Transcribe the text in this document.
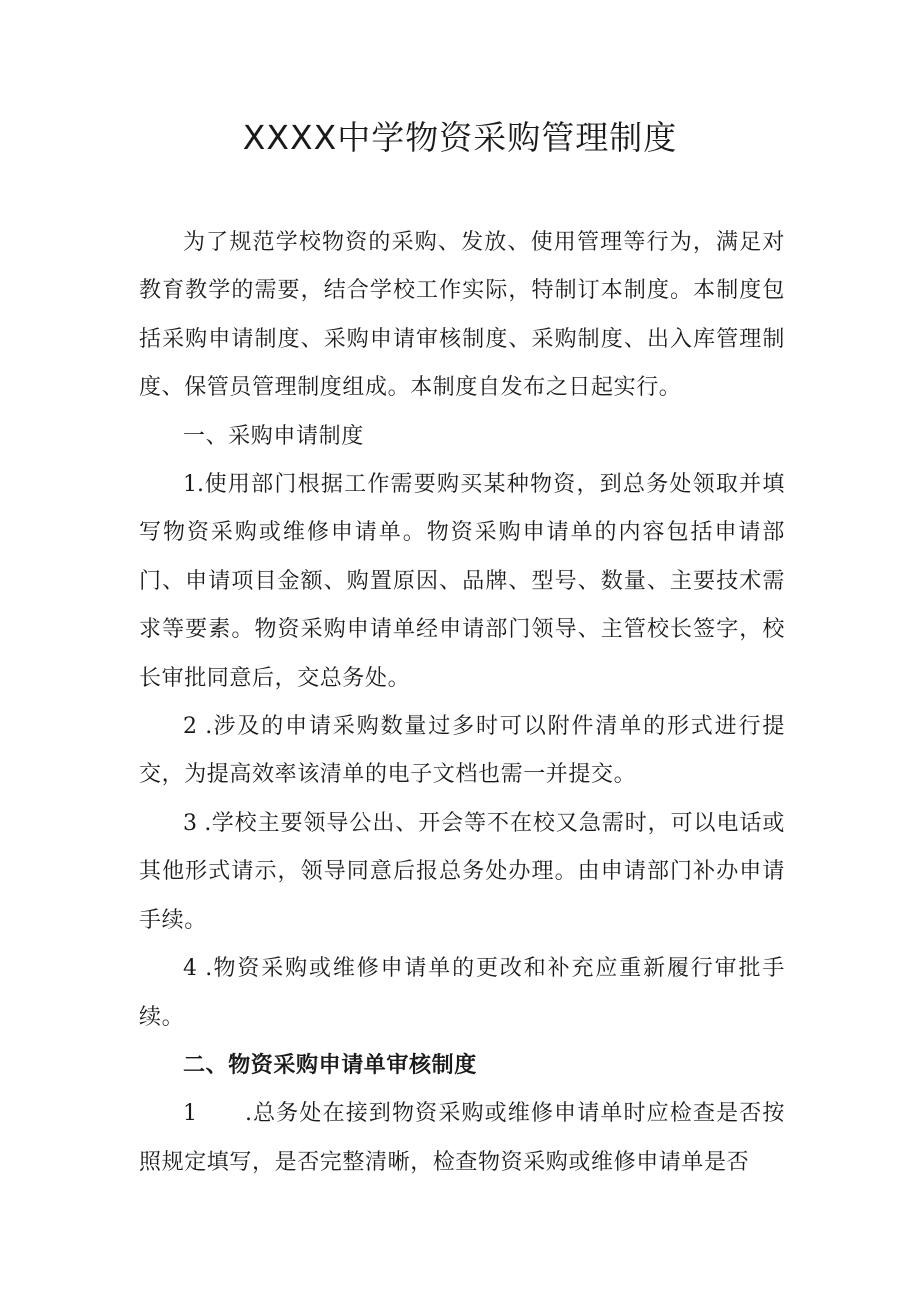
XXXX中学物资采购管理制度

为了规范学校物资的采购、发放、使用管理等行为，满足对教育教学的需要，结合学校工作实际，特制订本制度。本制度包括采购申请制度、采购申请审核制度、采购制度、出入库管理制度、保管员管理制度组成。本制度自发布之日起实行。

一、采购申请制度

1.使用部门根据工作需要购买某种物资，到总务处领取并填写物资采购或维修申请单。物资采购申请单的内容包括申请部门、申请项目金额、购置原因、品牌、型号、数量、主要技术需求等要素。物资采购申请单经申请部门领导、主管校长签字，校长审批同意后，交总务处。

2 .涉及的申请采购数量过多时可以附件清单的形式进行提交，为提高效率该清单的电子文档也需一并提交。

3 .学校主要领导公出、开会等不在校又急需时，可以电话或其他形式请示，领导同意后报总务处办理。由申请部门补办申请手续。

4 .物资采购或维修申请单的更改和补充应重新履行审批手续。

二、物资采购申请单审核制度

1 .总务处在接到物资采购或维修申请单时应检查是否按照规定填写，是否完整清晰，检查物资采购或维修申请单是否
